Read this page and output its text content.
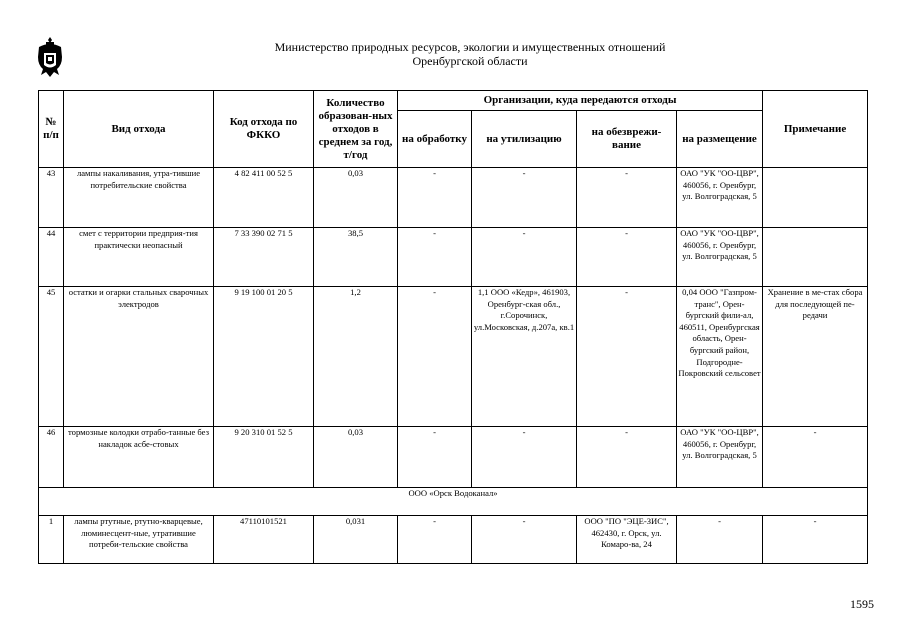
Министерство природных ресурсов, экологии и имущественных отношений
Оренбургской области
№ п/п	Вид отхода	Код отхода по ФККО	Количество образован-ных отходов в среднем за год, т/год	Организации, куда передаются отходы				Примечание
				на обработку	на утилизацию	на обезврежи-вание	на размещение	
43	лампы накаливания, утра-тившие потребительские свойства	4 82 411 00 52 5	0,03	-	-	-	ОАО "УК "ОО-ЦВР", 460056, г. Оренбург, ул. Волгоградская, 5	
44	смет с территории предприя-тия практически неопасный	7 33 390 02 71 5	38,5	-	-	-	ОАО "УК "ОО-ЦВР", 460056, г. Оренбург, ул. Волгоградская, 5	
45	остатки и огарки стальных сварочных электродов	9 19 100 01 20 5	1,2	-	1,1 ООО «Кедр», 461903, Оренбург-ская обл., г.Сорочинск, ул.Московская, д.207а, кв.1	-	0,04 ООО "Газпром-транс", Орен-бургский фили-ал, 460511, Оренбургская область, Орен-бургский район, Подгородне-Покровский сельсовет	Хранение в ме-стах сбора для последующей пе-редачи
46	тормозные колодки отрабо-танные без накладок асбе-стовых	9 20 310 01 52 5	0,03	-	-	-	ОАО "УК "ОО-ЦВР", 460056, г. Оренбург, ул. Волгоградская, 5	-
ООО «Орск Водоканал»								
1	лампы ртутные, ртутно-кварцевые, люминесцент-ные, утратившие потреби-тельские свойства	47110101521	0,031	-	-	ООО "ПО "ЭЦЕ-ЗИС", 462430, г. Орск, ул. Комаро-ва, 24	-	-
1595
